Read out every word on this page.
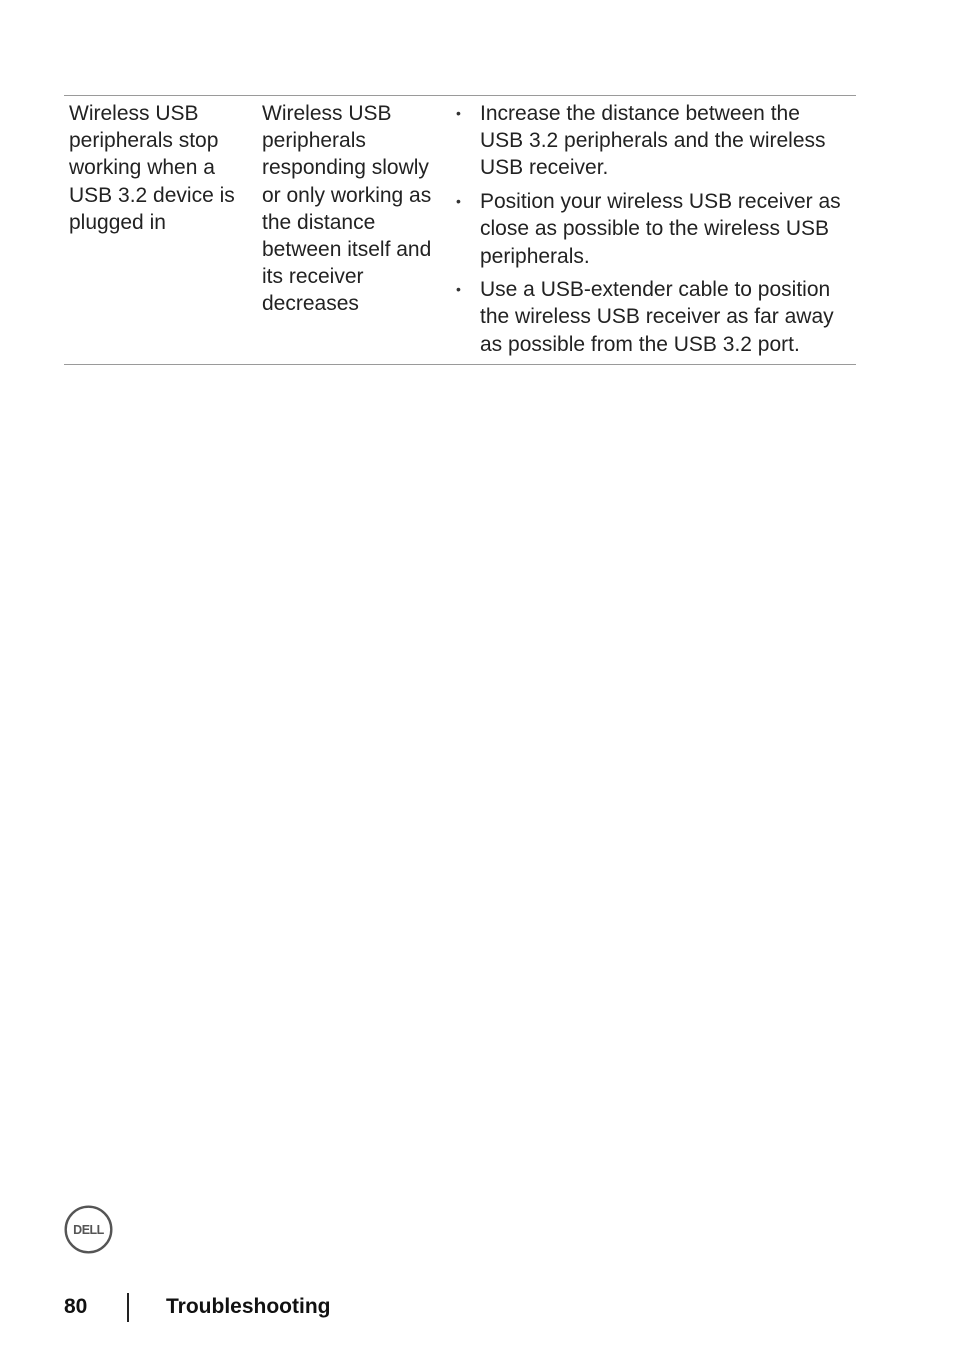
Wireless USB
peripherals stop
working when a
USB 3.2 device is
plugged in
Wireless USB
peripherals
responding slowly
or only working as
the distance
between itself and
its receiver
decreases
• Increase the distance between the
USB 3.2 peripherals and the wireless
USB receiver.
• Position your wireless USB receiver as
close as possible to the wireless USB
peripherals.
• Use a USB-extender cable to position
the wireless USB receiver as far away
as possible from the USB 3.2 port.
DELL
80	Troubleshooting
